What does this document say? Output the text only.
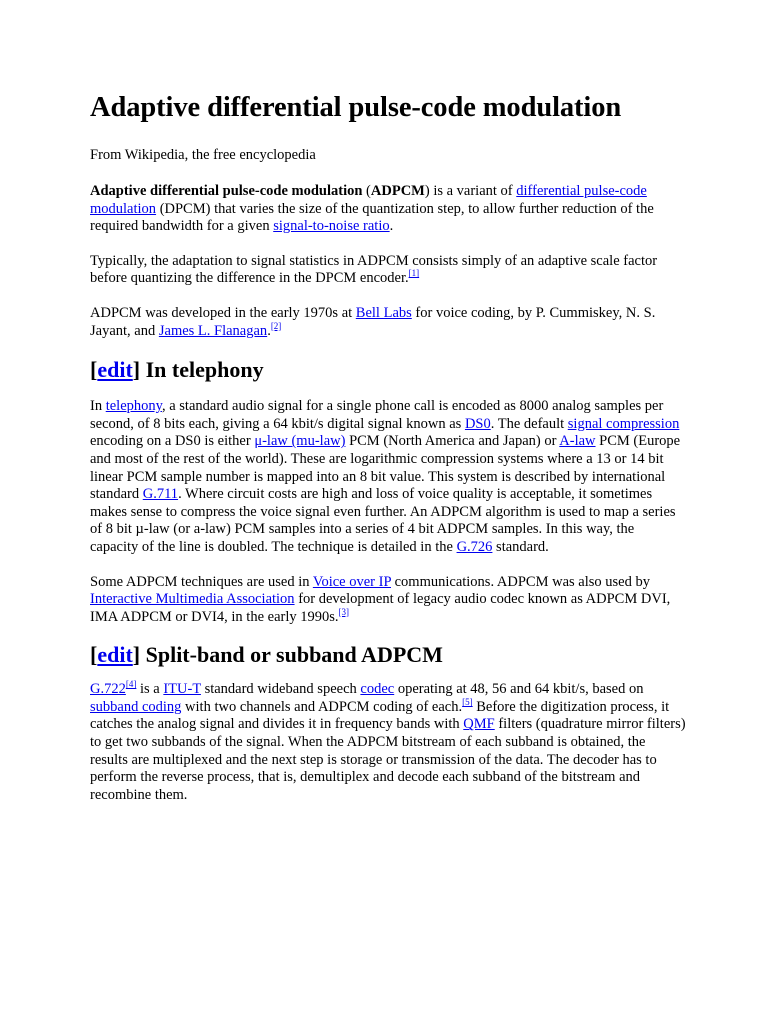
Adaptive differential pulse-code modulation
From Wikipedia, the free encyclopedia

Adaptive differential pulse-code modulation (ADPCM) is a variant of differential pulse-code modulation (DPCM) that varies the size of the quantization step, to allow further reduction of the required bandwidth for a given signal-to-noise ratio.

Typically, the adaptation to signal statistics in ADPCM consists simply of an adaptive scale factor before quantizing the difference in the DPCM encoder.[1]

ADPCM was developed in the early 1970s at Bell Labs for voice coding, by P. Cummiskey, N. S. Jayant, and James L. Flanagan.[2]

[edit] In telephony

In telephony, a standard audio signal for a single phone call is encoded as 8000 analog samples per second, of 8 bits each, giving a 64 kbit/s digital signal known as DS0. The default signal compression encoding on a DS0 is either μ-law (mu-law) PCM (North America and Japan) or A-law PCM (Europe and most of the rest of the world). These are logarithmic compression systems where a 13 or 14 bit linear PCM sample number is mapped into an 8 bit value. This system is described by international standard G.711. Where circuit costs are high and loss of voice quality is acceptable, it sometimes makes sense to compress the voice signal even further. An ADPCM algorithm is used to map a series of 8 bit µ-law (or a-law) PCM samples into a series of 4 bit ADPCM samples. In this way, the capacity of the line is doubled. The technique is detailed in the G.726 standard.

Some ADPCM techniques are used in Voice over IP communications. ADPCM was also used by Interactive Multimedia Association for development of legacy audio codec known as ADPCM DVI, IMA ADPCM or DVI4, in the early 1990s.[3]

[edit] Split-band or subband ADPCM

G.722[4] is a ITU-T standard wideband speech codec operating at 48, 56 and 64 kbit/s, based on subband coding with two channels and ADPCM coding of each.[5] Before the digitization process, it catches the analog signal and divides it in frequency bands with QMF filters (quadrature mirror filters) to get two subbands of the signal. When the ADPCM bitstream of each subband is obtained, the results are multiplexed and the next step is storage or transmission of the data. The decoder has to perform the reverse process, that is, demultiplex and decode each subband of the bitstream and recombine them.
